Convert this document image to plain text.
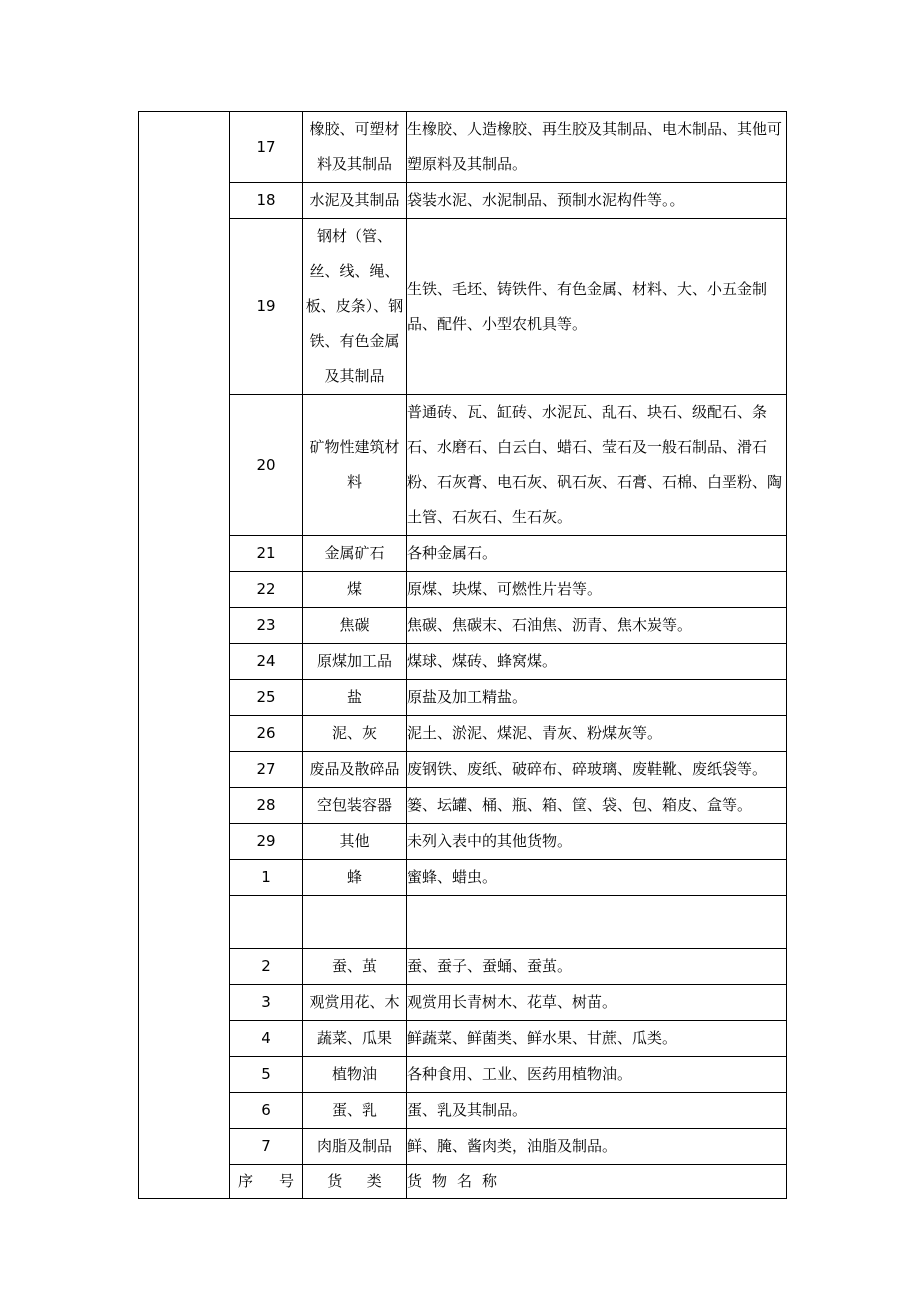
	17	橡胶、可塑材料及其制品	生橡胶、人造橡胶、再生胶及其制品、电木制品、其他可塑原料及其制品。
	18	水泥及其制品	袋装水泥、水泥制品、预制水泥构件等。。
	19	钢材（管、丝、线、绳、板、皮条）、钢铁、有色金属及其制品	生铁、毛坯、铸铁件、有色金属、材料、大、小五金制品、配件、小型农机具等。
	20	矿物性建筑材料	普通砖、瓦、缸砖、水泥瓦、乱石、块石、级配石、条石、水磨石、白云白、蜡石、莹石及一般石制品、滑石粉、石灰膏、电石灰、矾石灰、石膏、石棉、白垩粉、陶土管、石灰石、生石灰。
	21	金属矿石	各种金属石。
	22	煤	原煤、块煤、可燃性片岩等。
	23	焦碳	焦碳、焦碳末、石油焦、沥青、焦木炭等。
	24	原煤加工品	煤球、煤砖、蜂窝煤。
	25	盐	原盐及加工精盐。
	26	泥、灰	泥土、淤泥、煤泥、青灰、粉煤灰等。
	27	废品及散碎品	废钢铁、废纸、破碎布、碎玻璃、废鞋靴、废纸袋等。
	28	空包装容器	篓、坛罐、桶、瓶、箱、筐、袋、包、箱皮、盒等。
	29	其他	未列入表中的其他货物。
	1	蜂	蜜蜂、蜡虫。

	2	蚕、茧	蚕、蚕子、蚕蛹、蚕茧。
	3	观赏用花、木	观赏用长青树木、花草、树苗。
	4	蔬菜、瓜果	鲜蔬菜、鲜菌类、鲜水果、甘蔗、瓜类。
	5	植物油	各种食用、工业、医药用植物油。
	6	蛋、乳	蛋、乳及其制品。
	7	肉脂及制品	鲜、腌、酱肉类，油脂及制品。

	序 号	货 类	货物名称
